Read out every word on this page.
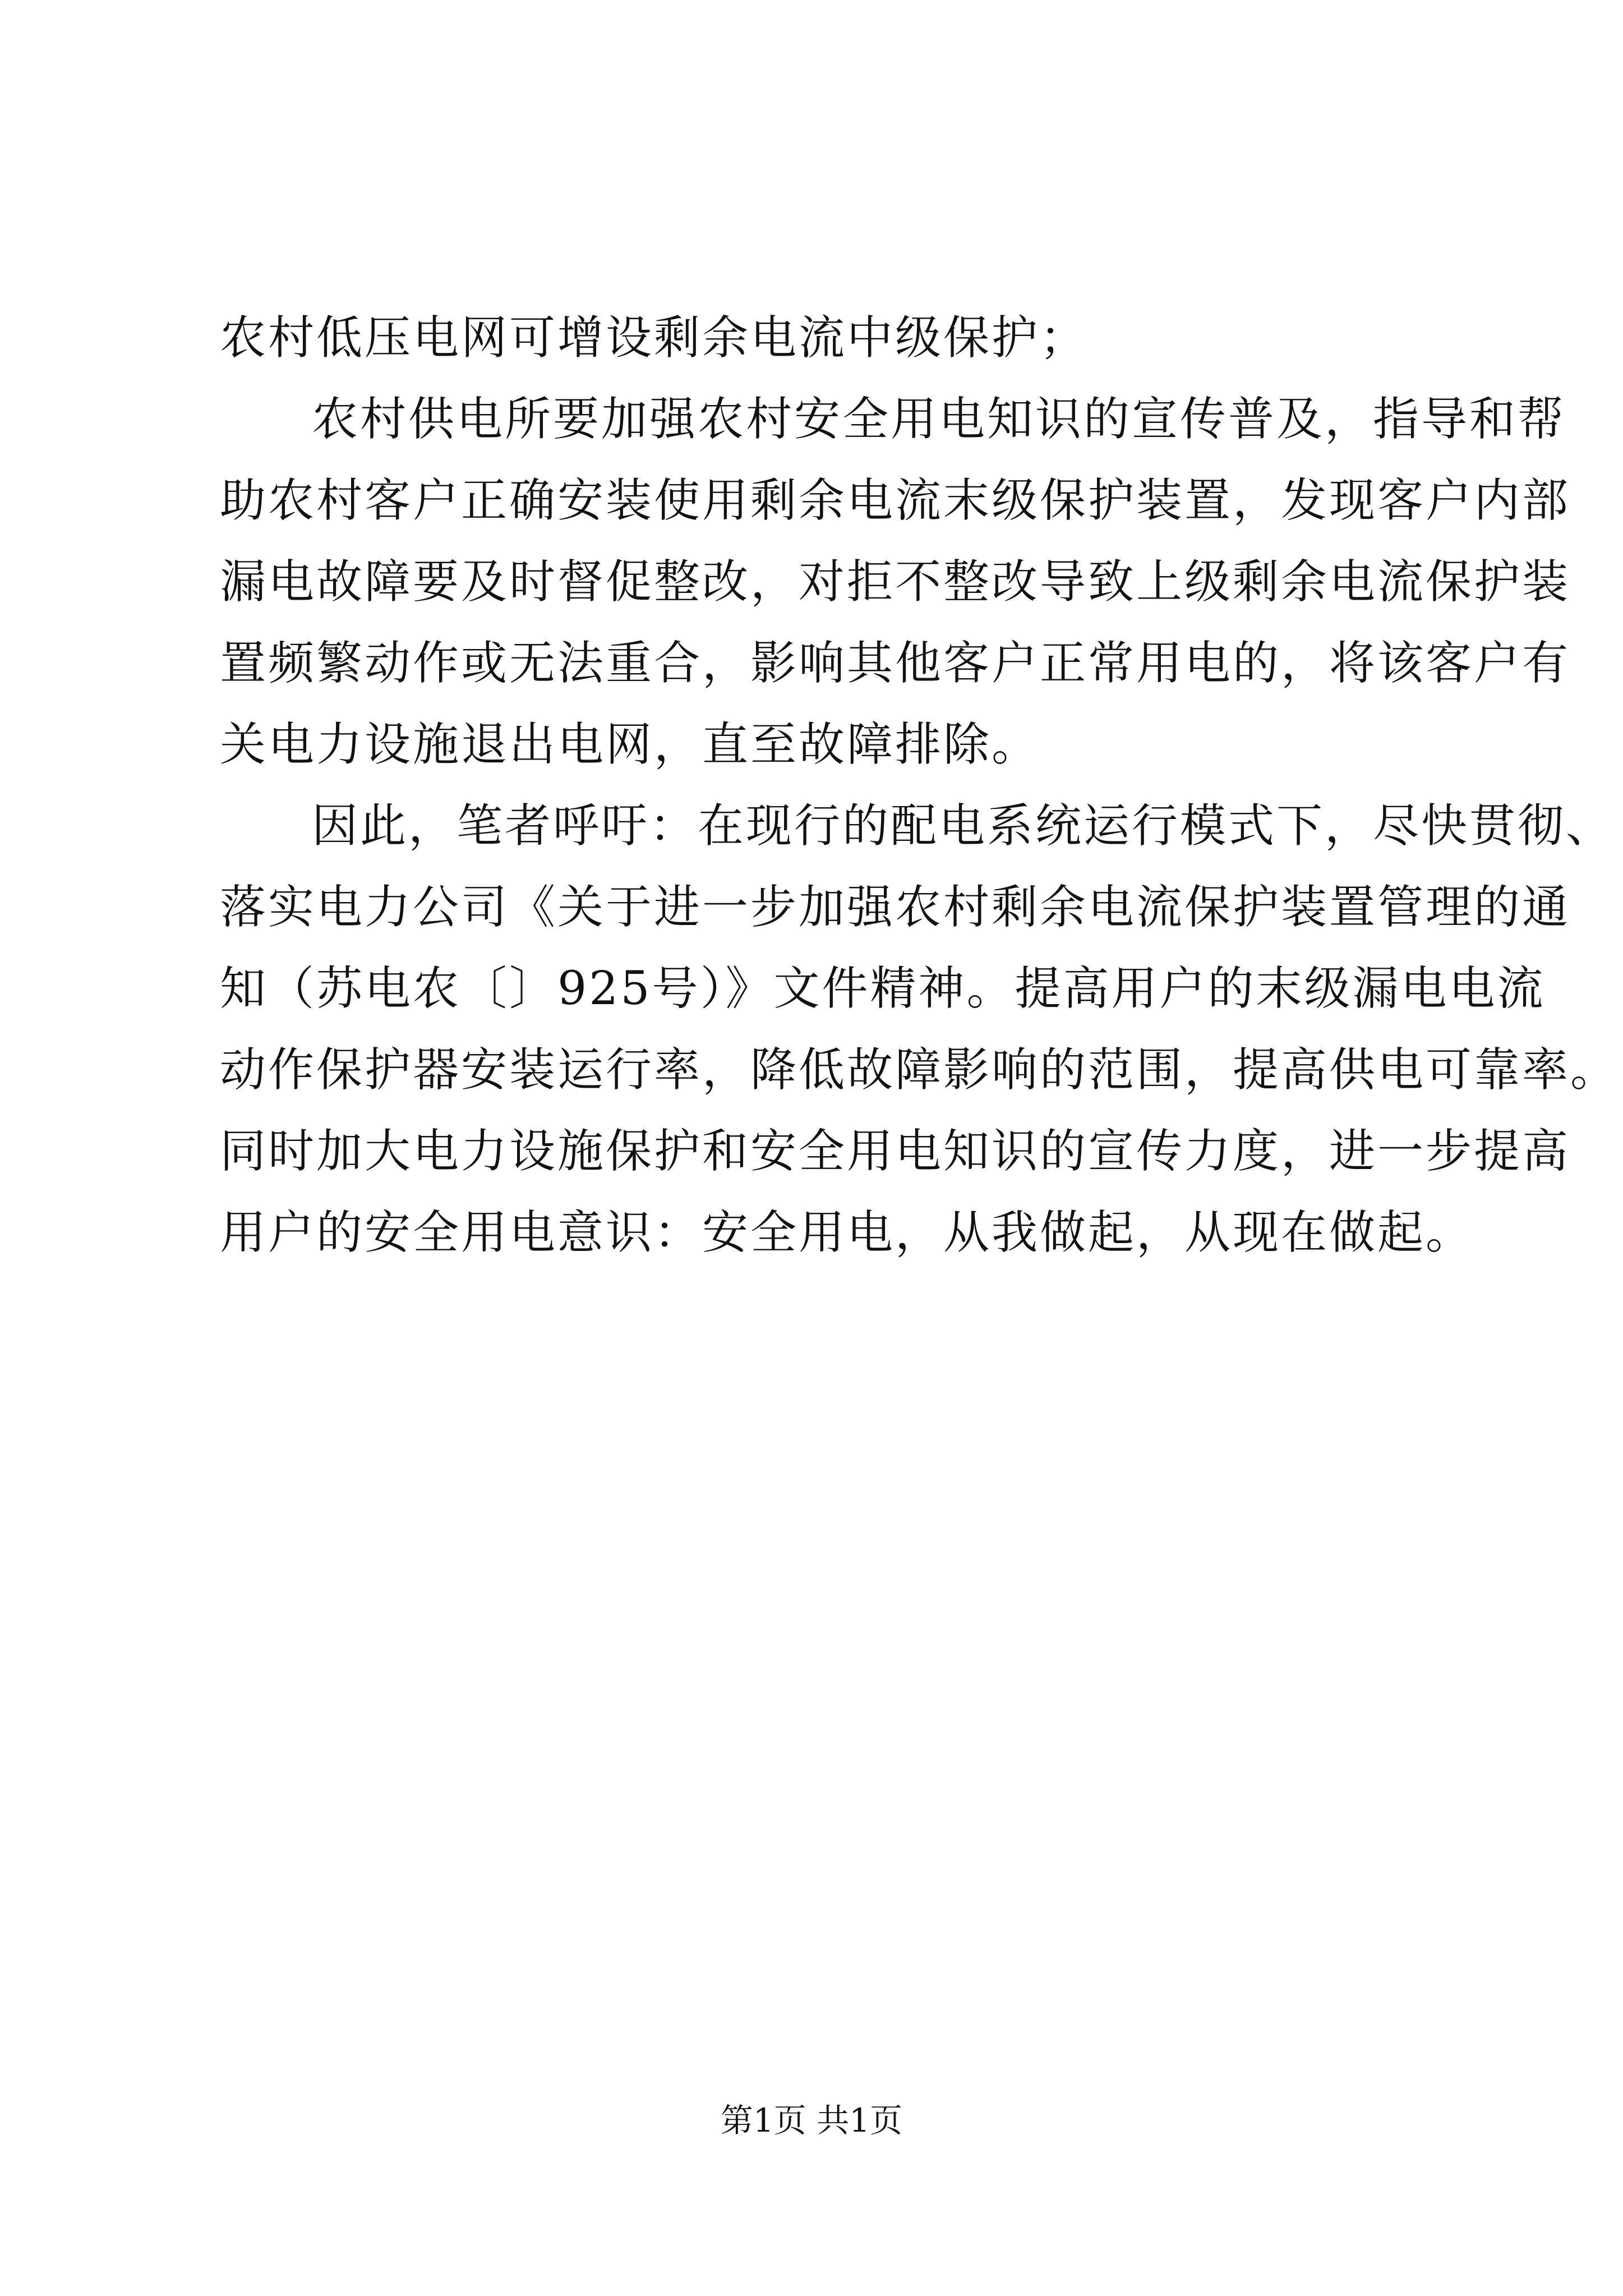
农村低压电网可增设剩余电流中级保护；
农村供电所要加强农村安全用电知识的宣传普及，指导和帮
助农村客户正确安装使用剩余电流末级保护装置，发现客户内部
漏电故障要及时督促整改，对拒不整改导致上级剩余电流保护装
置频繁动作或无法重合，影响其他客户正常用电的，将该客户有
关电力设施退出电网，直至故障排除。
因此，笔者呼吁：在现行的配电系统运行模式下，尽快贯彻、
落实电力公司《关于进一步加强农村剩余电流保护装置管理的通
知（苏电农〔〕925号）》文件精神。提高用户的末级漏电电流
动作保护器安装运行率，降低故障影响的范围，提高供电可靠率。
同时加大电力设施保护和安全用电知识的宣传力度，进一步提高
用户的安全用电意识：安全用电，从我做起，从现在做起。
第1页 共1页
